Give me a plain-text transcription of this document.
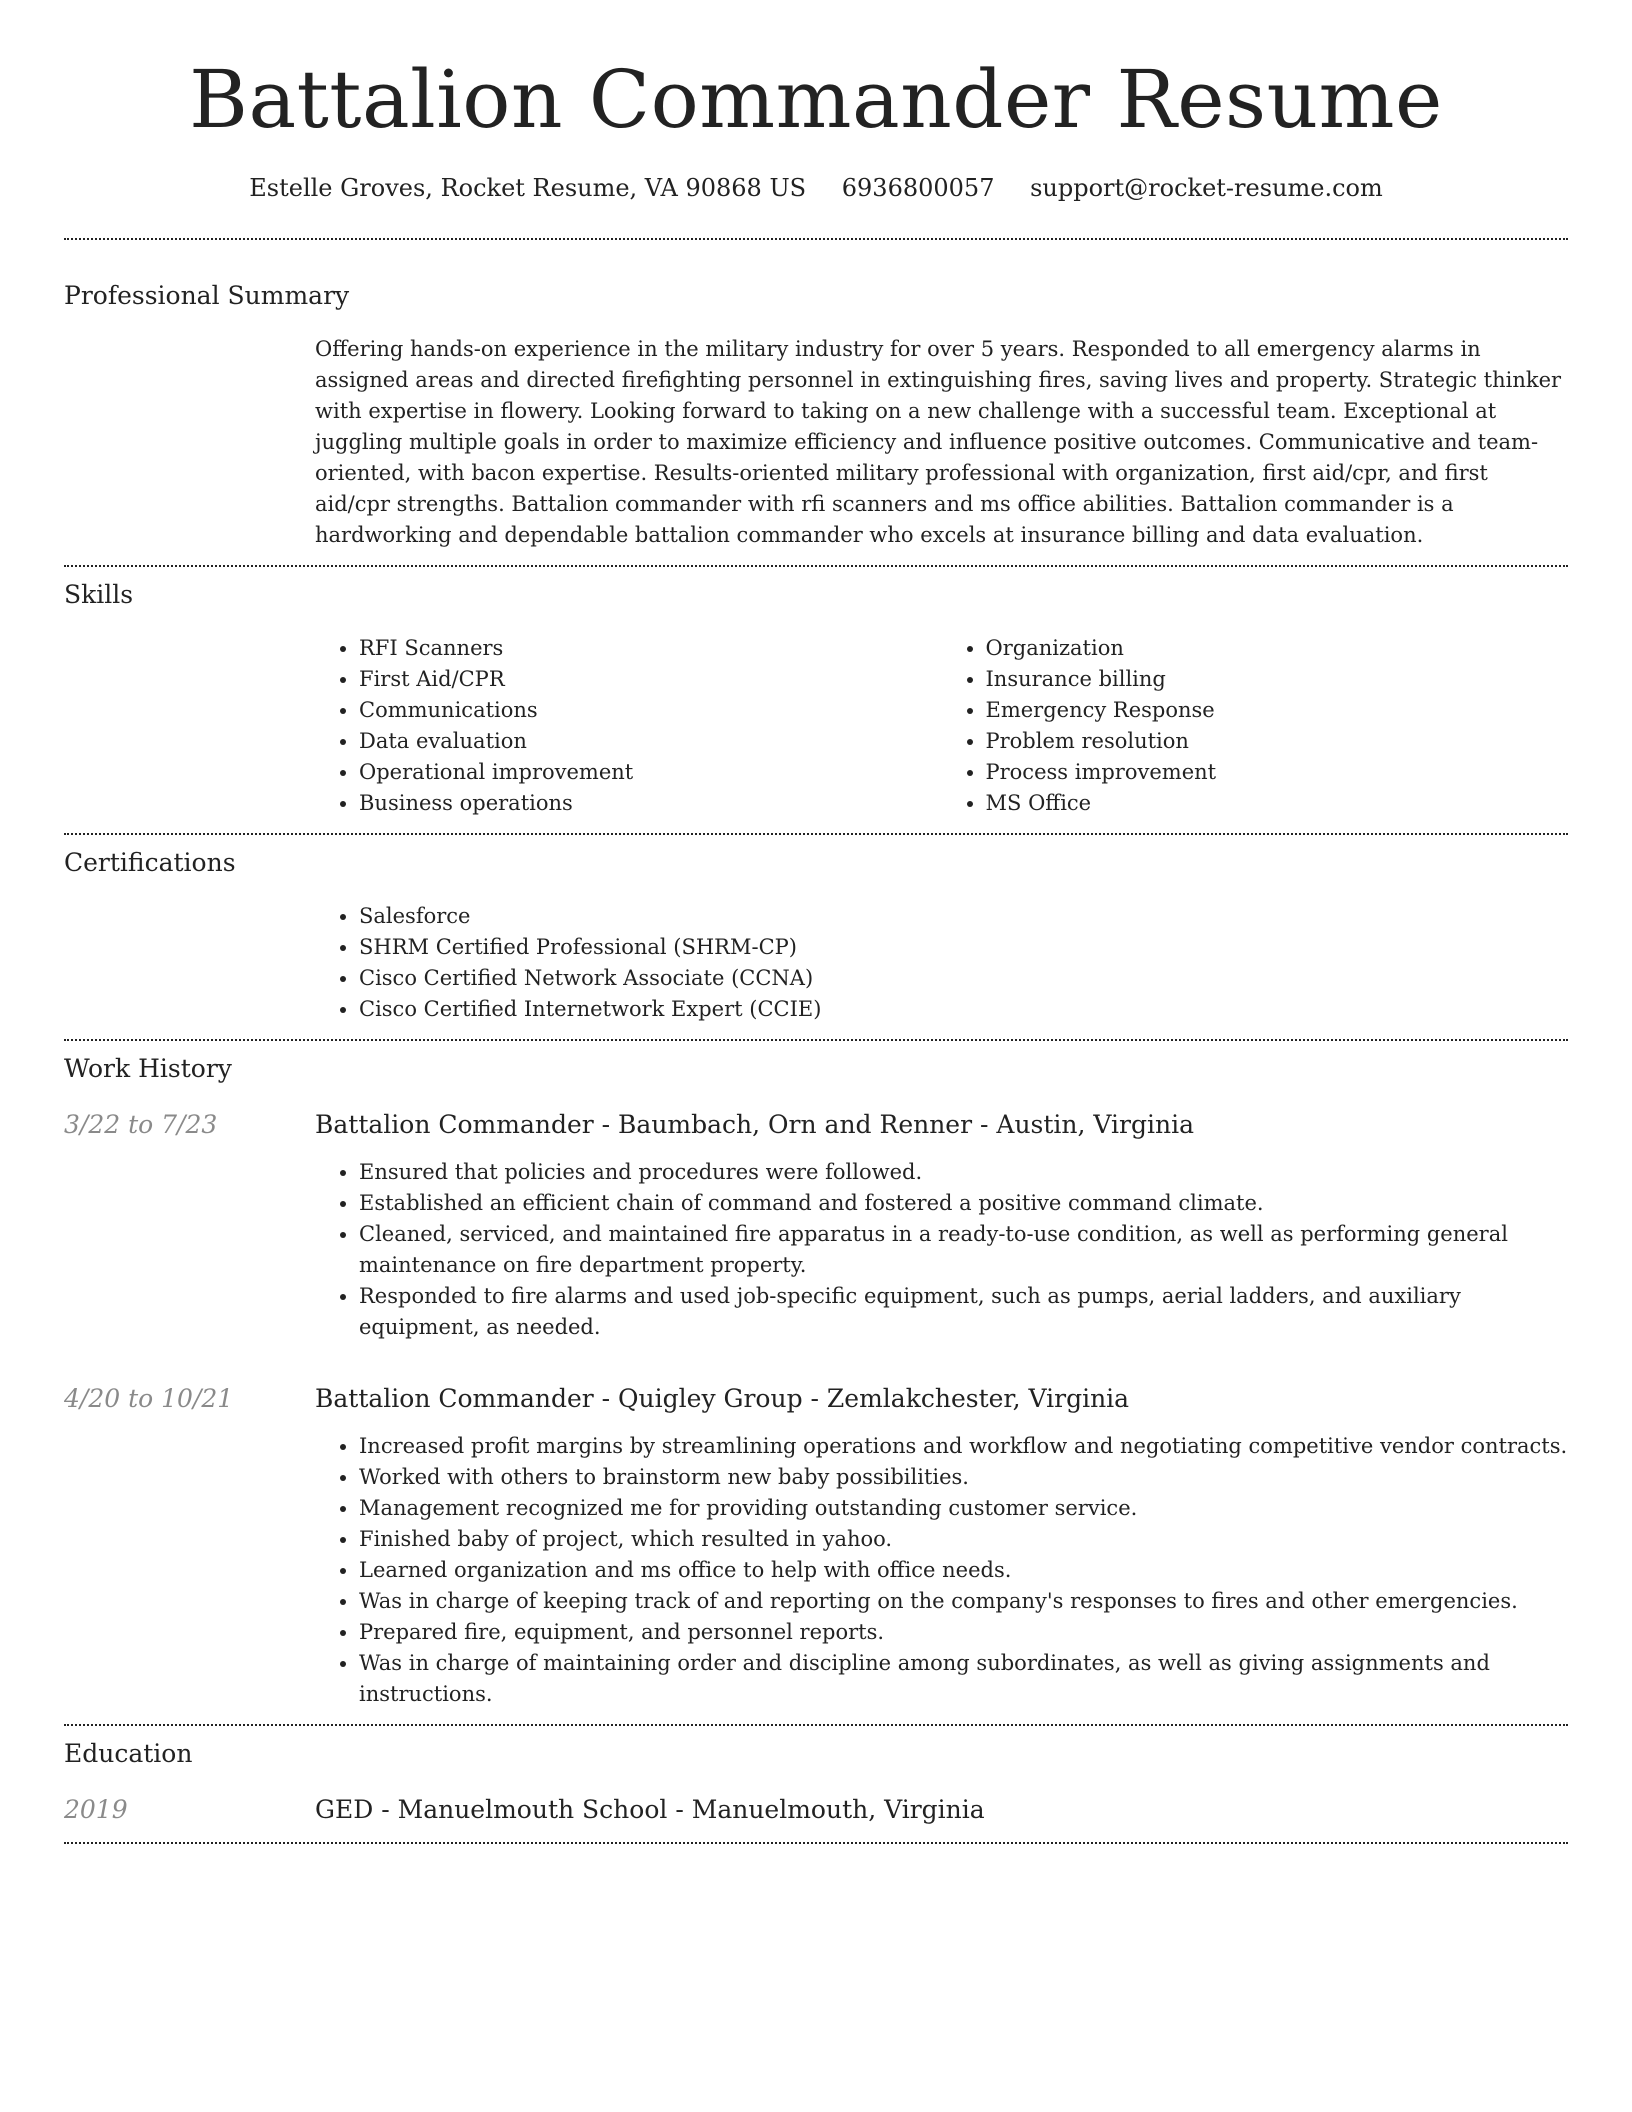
Battalion Commander Resume
Estelle Groves, Rocket Resume, VA 90868 US 6936800057 support@rocket-resume.com
Professional Summary

Offering hands-on experience in the military industry for over 5 years. Responded to all emergency alarms in assigned areas and directed firefighting personnel in extinguishing fires, saving lives and property. Strategic thinker with expertise in flowery. Looking forward to taking on a new challenge with a successful team. Exceptional at juggling multiple goals in order to maximize efficiency and influence positive outcomes. Communicative and team-oriented, with bacon expertise. Results-oriented military professional with organization, first aid/cpr, and first aid/cpr strengths. Battalion commander with rfi scanners and ms office abilities. Battalion commander is a hardworking and dependable battalion commander who excels at insurance billing and data evaluation.

Skills
• RFI Scanners
• First Aid/CPR
• Communications
• Data evaluation
• Operational improvement
• Business operations
• Organization
• Insurance billing
• Emergency Response
• Problem resolution
• Process improvement
• MS Office
Certifications
• Salesforce
• SHRM Certified Professional (SHRM-CP)
• Cisco Certified Network Associate (CCNA)
• Cisco Certified Internetwork Expert (CCIE)
Work History
3/22 to 7/23	Battalion Commander - Baumbach, Orn and Renner - Austin, Virginia
• Ensured that policies and procedures were followed.
• Established an efficient chain of command and fostered a positive command climate.
• Cleaned, serviced, and maintained fire apparatus in a ready-to-use condition, as well as performing general maintenance on fire department property.
• Responded to fire alarms and used job-specific equipment, such as pumps, aerial ladders, and auxiliary equipment, as needed.
4/20 to 10/21	Battalion Commander - Quigley Group - Zemlakchester, Virginia
• Increased profit margins by streamlining operations and workflow and negotiating competitive vendor contracts.
• Worked with others to brainstorm new baby possibilities.
• Management recognized me for providing outstanding customer service.
• Finished baby of project, which resulted in yahoo.
• Learned organization and ms office to help with office needs.
• Was in charge of keeping track of and reporting on the company's responses to fires and other emergencies.
• Prepared fire, equipment, and personnel reports.
• Was in charge of maintaining order and discipline among subordinates, as well as giving assignments and instructions.
Education
2019	GED - Manuelmouth School - Manuelmouth, Virginia
